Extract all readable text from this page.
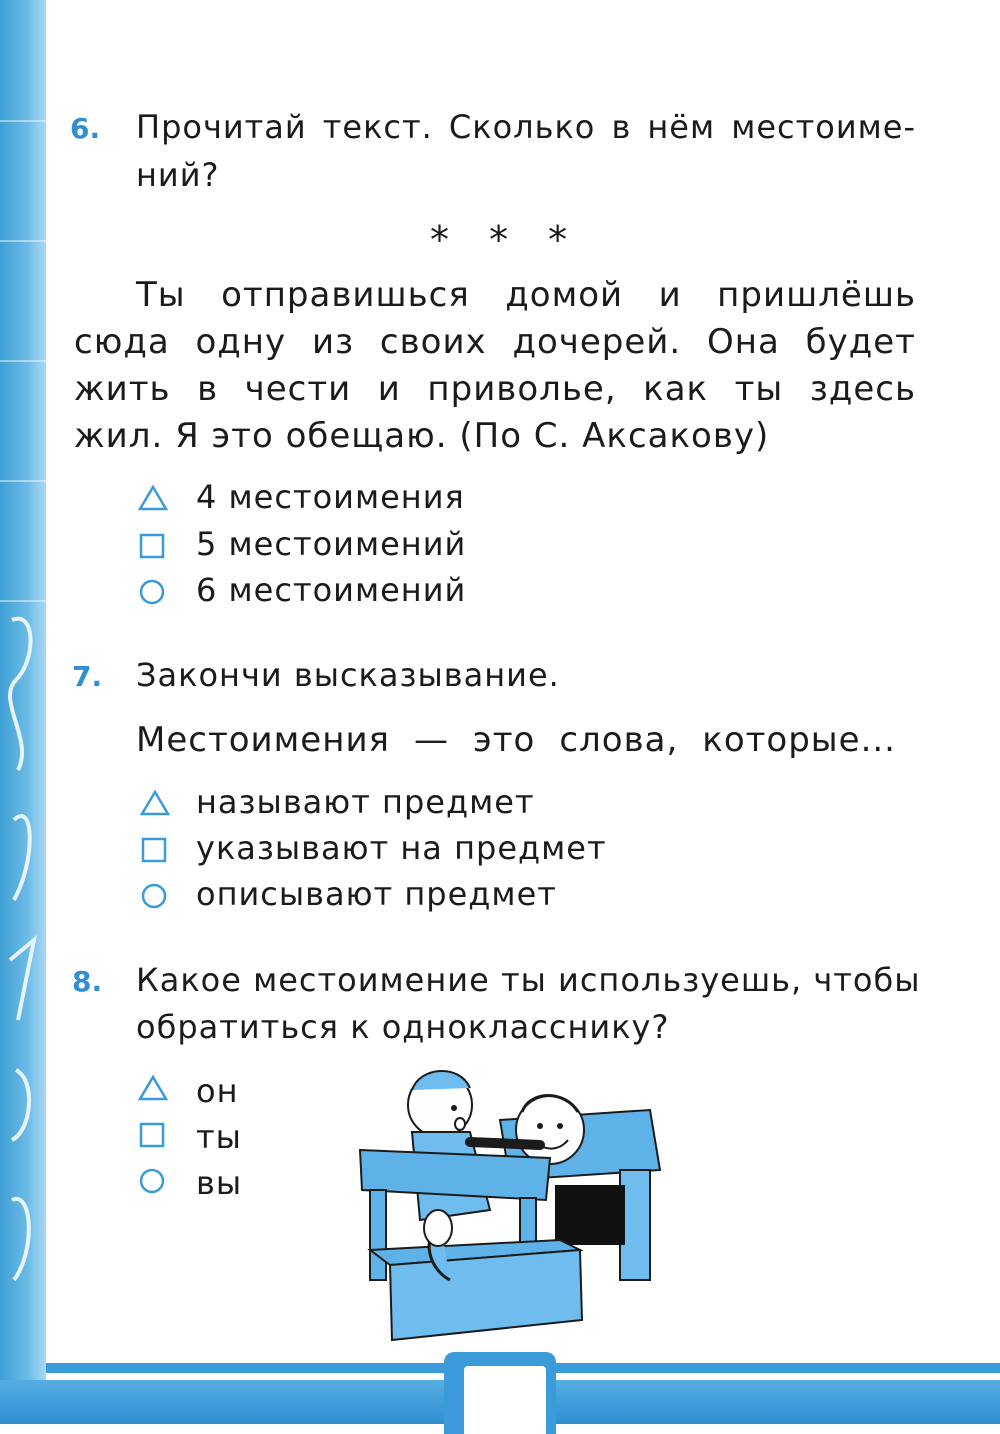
6. Прочитай текст. Сколько в нём местоиме-
ний?
* * *
Ты отправишься домой и пришлёшь
сюда одну из своих дочерей. Она будет
жить в чести и приволье, как ты здесь
жил. Я это обещаю. (По С. Аксакову)
4 местоимения
5 местоимений
6 местоимений
7. Закончи высказывание.
Местоимения — это слова, которые...
называют предмет
указывают на предмет
описывают предмет
8. Какое местоимение ты используешь, чтобы
обратиться к однокласснику?
он
ты
вы
